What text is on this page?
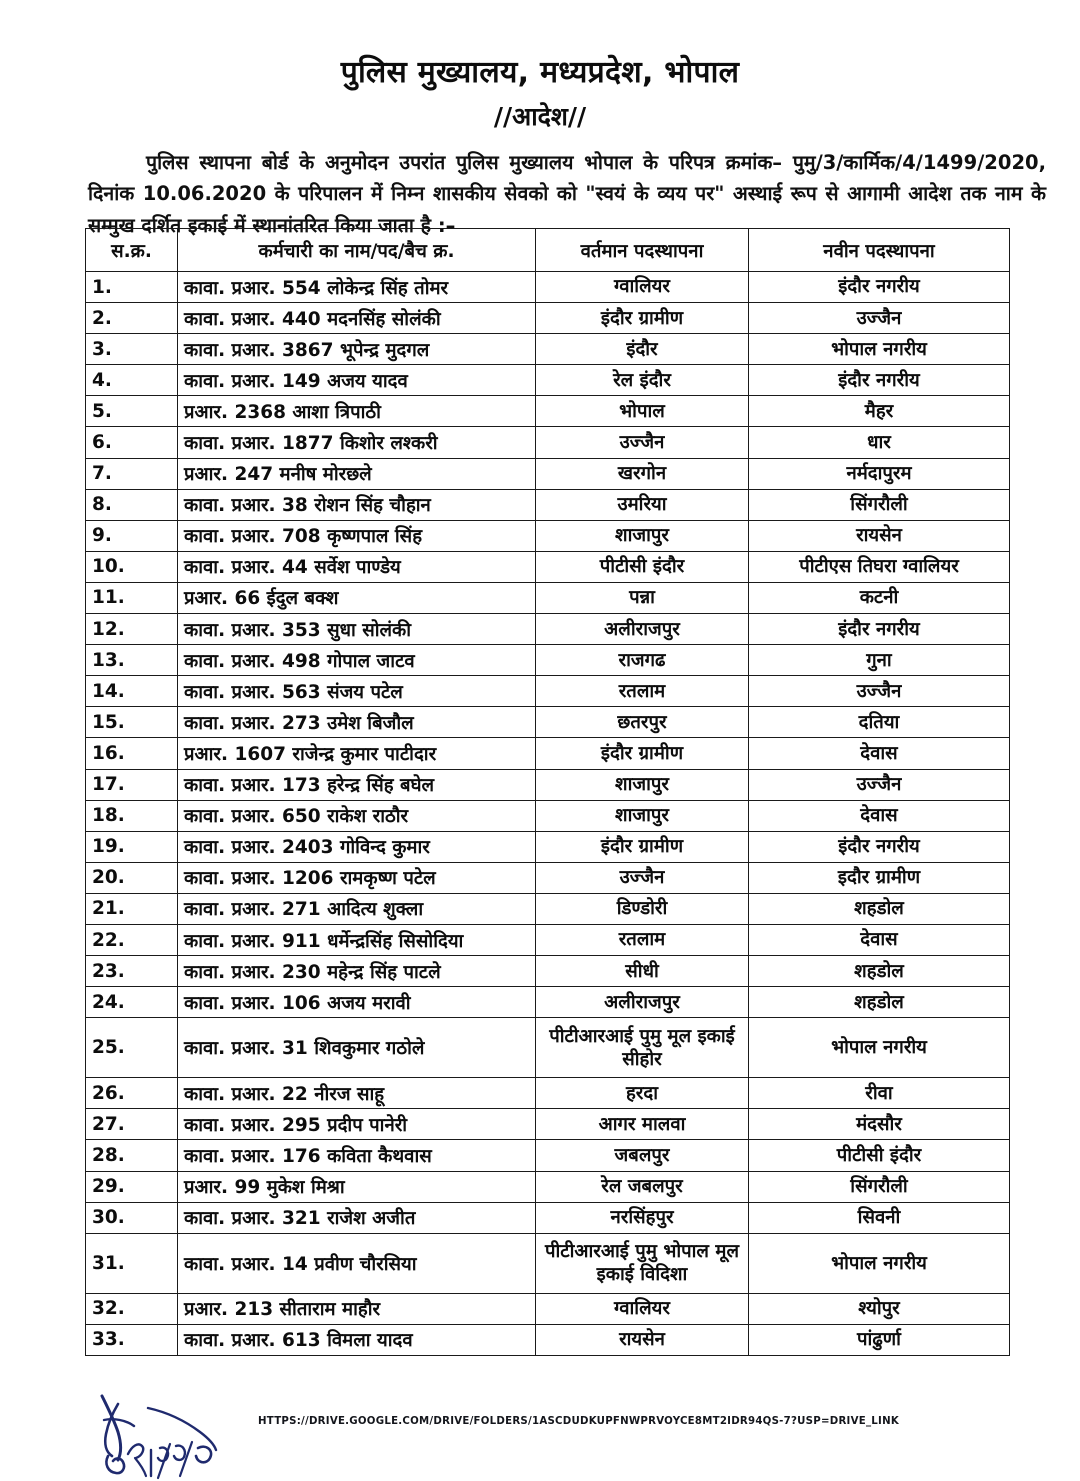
पुलिस मुख्यालय, मध्यप्रदेश, भोपाल
//आदेश//

पुलिस स्थापना बोर्ड के अनुमोदन उपरांत पुलिस मुख्यालय भोपाल के परिपत्र क्रमांक– पुमु/3/कार्मिक/4/1499/2020, दिनांक 10.06.2020 के परिपालन में निम्न शासकीय सेवको को "स्वयं के व्यय पर" अस्थाई रूप से आगामी आदेश तक नाम के सम्मुख दर्शित इकाई में स्थानांतरित किया जाता है :–

स.क्र.	कर्मचारी का नाम/पद/बैच क्र.	वर्तमान पदस्थापना	नवीन पदस्थापना
1.	कावा. प्रआर. 554 लोकेन्द्र सिंह तोमर	ग्वालियर	इंदौर नगरीय
2.	कावा. प्रआर. 440 मदनसिंह सोलंकी	इंदौर ग्रामीण	उज्जैन
3.	कावा. प्रआर. 3867 भूपेन्द्र मुदगल	इंदौर	भोपाल नगरीय
4.	कावा. प्रआर. 149 अजय यादव	रेल इंदौर	इंदौर नगरीय
5.	प्रआर. 2368 आशा त्रिपाठी	भोपाल	मैहर
6.	कावा. प्रआर. 1877 किशोर लश्करी	उज्जैन	धार
7.	प्रआर. 247 मनीष मोरछले	खरगोन	नर्मदापुरम
8.	कावा. प्रआर. 38 रोशन सिंह चौहान	उमरिया	सिंगरौली
9.	कावा. प्रआर. 708 कृष्णपाल सिंह	शाजापुर	रायसेन
10.	कावा. प्रआर. 44 सर्वेश पाण्डेय	पीटीसी इंदौर	पीटीएस तिघरा ग्वालियर
11.	प्रआर. 66 ईदुल बक्श	पन्ना	कटनी
12.	कावा. प्रआर. 353 सुधा सोलंकी	अलीराजपुर	इंदौर नगरीय
13.	कावा. प्रआर. 498 गोपाल जाटव	राजगढ	गुना
14.	कावा. प्रआर. 563 संजय पटेल	रतलाम	उज्जैन
15.	कावा. प्रआर. 273 उमेश बिजौल	छतरपुर	दतिया
16.	प्रआर. 1607 राजेन्द्र कुमार पाटीदार	इंदौर ग्रामीण	देवास
17.	कावा. प्रआर. 173 हरेन्द्र सिंह बघेल	शाजापुर	उज्जैन
18.	कावा. प्रआर. 650 राकेश राठौर	शाजापुर	देवास
19.	कावा. प्रआर. 2403 गोविन्द कुमार	इंदौर ग्रामीण	इंदौर नगरीय
20.	कावा. प्रआर. 1206 रामकृष्ण पटेल	उज्जैन	इदौर ग्रामीण
21.	कावा. प्रआर. 271 आदित्य शुक्ला	डिण्डोरी	शहडोल
22.	कावा. प्रआर. 911 धर्मेन्द्रसिंह सिसोदिया	रतलाम	देवास
23.	कावा. प्रआर. 230 महेन्द्र सिंह पाटले	सीधी	शहडोल
24.	कावा. प्रआर. 106 अजय मरावी	अलीराजपुर	शहडोल
25.	कावा. प्रआर. 31 शिवकुमार गठोले	पीटीआरआई पुमु मूल इकाई सीहोर	भोपाल नगरीय
26.	कावा. प्रआर. 22 नीरज साहू	हरदा	रीवा
27.	कावा. प्रआर. 295 प्रदीप पानेरी	आगर मालवा	मंदसौर
28.	कावा. प्रआर. 176 कविता कैथवास	जबलपुर	पीटीसी इंदौर
29.	प्रआर. 99 मुकेश मिश्रा	रेल जबलपुर	सिंगरौली
30.	कावा. प्रआर. 321 राजेश अजीत	नरसिंहपुर	सिवनी
31.	कावा. प्रआर. 14 प्रवीण चौरसिया	पीटीआरआई पुमु भोपाल मूल इकाई विदिशा	भोपाल नगरीय
32.	प्रआर. 213 सीताराम माहौर	ग्वालियर	श्योपुर
33.	कावा. प्रआर. 613 विमला यादव	रायसेन	पांढुर्णा
HTTPS://DRIVE.GOOGLE.COM/DRIVE/FOLDERS/1ASCDUDKUPFNWPRVOYCE8MT2IDR94QS-7?USP=DRIVE_LINK
